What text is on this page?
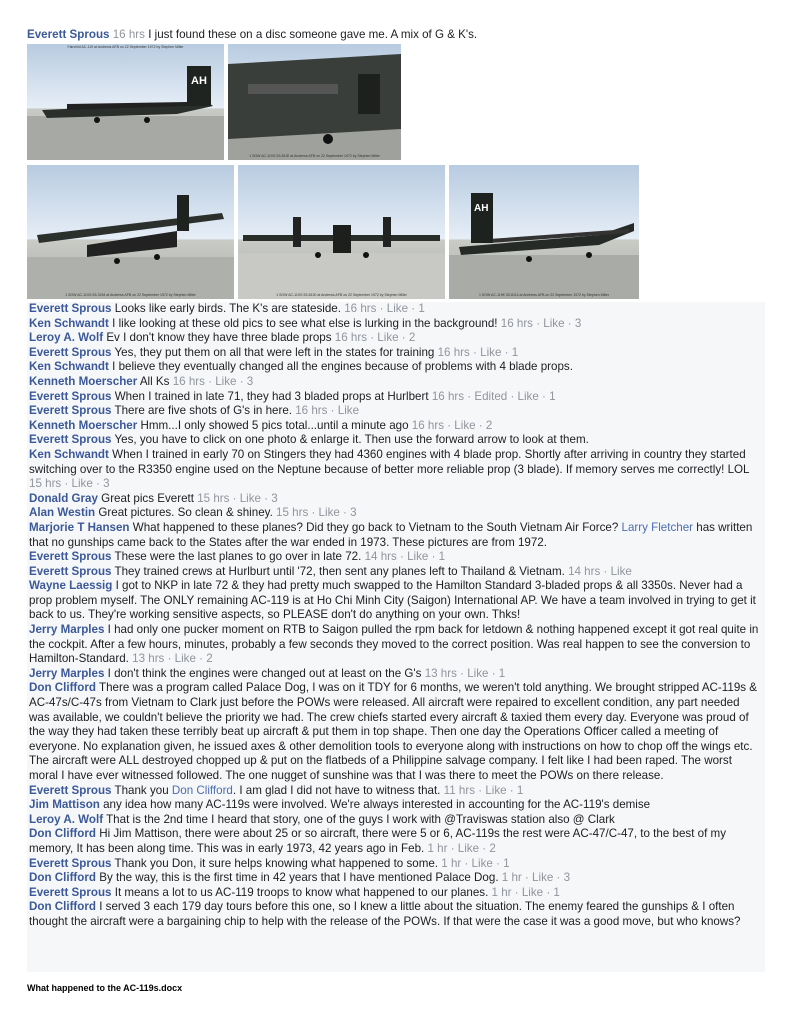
Everett Sprous 16 hrs I just found these on a disc someone gave me. A mix of G & K's.
AH
Fairchild AC-119 at Andrews AFB on 22 September 1972 by Stephen Miller
1 SOW AC-119G 53-8130 at Andrews AFB on 22 September 1972 by Stephen Miller
1 SOW AC-119G 53-3154 at Andrews AFB on 22 September 1972 by Stephen Miller	1 SOW AC-119G 53-8130 at Andrews AFB on 22 September 1972 by Stephen Miller
AH
1 SOW AC-119K 53-8114 at Andrews AFB on 22 September 1972 by Stephen Miller

Everett Sprous Looks like early birds. The K's are stateside. 16 hrs · Like · 1

Ken Schwandt I like looking at these old pics to see what else is lurking in the background! 16 hrs · Like · 3

Leroy A. Wolf Ev I don't know they have three blade props 16 hrs · Like · 2

Everett Sprous Yes, they put them on all that were left in the states for training 16 hrs · Like · 1

Ken Schwandt I believe they eventually changed all the engines because of problems with 4 blade props.

Kenneth Moerscher All Ks 16 hrs · Like · 3

Everett Sprous When I trained in late 71, they had 3 bladed props at Hurlbert 16 hrs · Edited · Like · 1

Everett Sprous There are five shots of G's in here. 16 hrs · Like

Kenneth Moerscher Hmm...I only showed 5 pics total...until a minute ago 16 hrs · Like · 2

Everett Sprous Yes, you have to click on one photo & enlarge it. Then use the forward arrow to look at them.

Ken Schwandt When I trained in early 70 on Stingers they had 4360 engines with 4 blade prop. Shortly after arriving in country they started switching over to the R3350 engine used on the Neptune because of better more reliable prop (3 blade). If memory serves me correctly! LOL 15 hrs · Like · 3

Donald Gray Great pics Everett 15 hrs · Like · 3

Alan Westin Great pictures. So clean & shiney. 15 hrs · Like · 3

Marjorie T Hansen What happened to these planes? Did they go back to Vietnam to the South Vietnam Air Force? Larry Fletcher has written that no gunships came back to the States after the war ended in 1973. These pictures are from 1972.

Everett Sprous These were the last planes to go over in late 72. 14 hrs · Like · 1

Everett Sprous They trained crews at Hurlburt until '72, then sent any planes left to Thailand & Vietnam. 14 hrs · Like

Wayne Laessig I got to NKP in late 72 & they had pretty much swapped to the Hamilton Standard 3-bladed props & all 3350s. Never had a prop problem myself. The ONLY remaining AC-119 is at Ho Chi Minh City (Saigon) International AP. We have a team involved in trying to get it back to us. They're working sensitive aspects, so PLEASE don't do anything on your own. Thks!

Jerry Marples I had only one pucker moment on RTB to Saigon pulled the rpm back for letdown & nothing happened except it got real quite in the cockpit. After a few hours, minutes, probably a few seconds they moved to the correct position. Was real happen to see the conversion to Hamilton-Standard. 13 hrs · Like · 2

Jerry Marples I don't think the engines were changed out at least on the G's 13 hrs · Like · 1

Don Clifford There was a program called Palace Dog, I was on it TDY for 6 months, we weren't told anything. We brought stripped AC-119s & AC-47s/C-47s from Vietnam to Clark just before the POWs were released. All aircraft were repaired to excellent condition, any part needed was available, we couldn't believe the priority we had. The crew chiefs started every aircraft & taxied them every day. Everyone was proud of the way they had taken these terribly beat up aircraft & put them in top shape. Then one day the Operations Officer called a meeting of everyone. No explanation given, he issued axes & other demolition tools to everyone along with instructions on how to chop off the wings etc. The aircraft were ALL destroyed chopped up & put on the flatbeds of a Philippine salvage company. I felt like I had been raped. The worst moral I have ever witnessed followed. The one nugget of sunshine was that I was there to meet the POWs on there release.

Everett Sprous Thank you Don Clifford. I am glad I did not have to witness that. 11 hrs · Like · 1

Jim Mattison any idea how many AC-119s were involved. We're always interested in accounting for the AC-119's demise

Leroy A. Wolf That is the 2nd time I heard that story, one of the guys I work with @Traviswas station also @ Clark

Don Clifford Hi Jim Mattison, there were about 25 or so aircraft, there were 5 or 6, AC-119s the rest were AC-47/C-47, to the best of my memory, It has been along time. This was in early 1973, 42 years ago in Feb. 1 hr · Like · 2

Everett Sprous Thank you Don, it sure helps knowing what happened to some. 1 hr · Like · 1

Don Clifford By the way, this is the first time in 42 years that I have mentioned Palace Dog. 1 hr · Like · 3

Everett Sprous It means a lot to us AC-119 troops to know what happened to our planes. 1 hr · Like · 1

Don Clifford I served 3 each 179 day tours before this one, so I knew a little about the situation. The enemy feared the gunships & I often thought the aircraft were a bargaining chip to help with the release of the POWs. If that were the case it was a good move, but who knows?

What happened to the AC-119s.docx
